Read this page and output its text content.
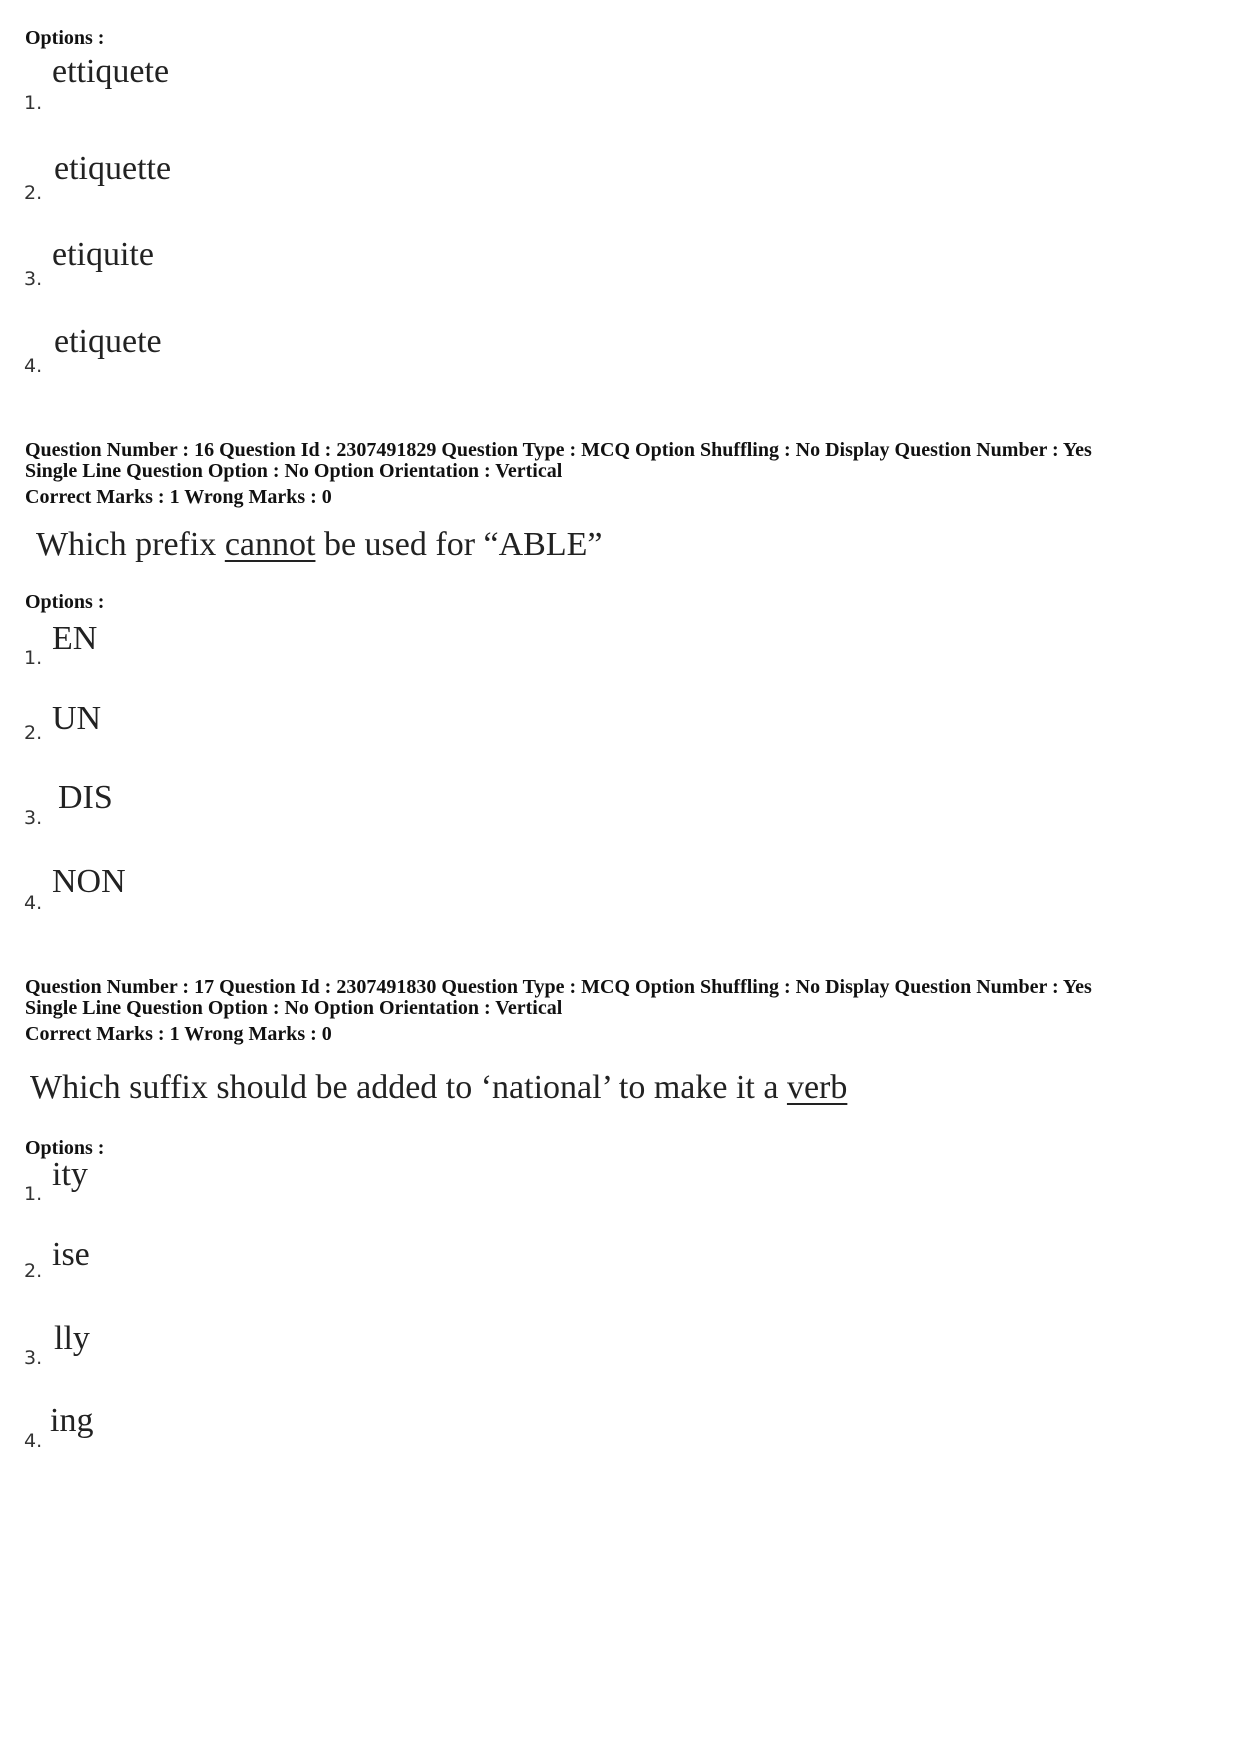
Options :
1.
ettiquete
2.
etiquette
3.
etiquite
4.
etiquete
Question Number : 16 Question Id : 2307491829 Question Type : MCQ Option Shuffling : No Display Question Number : Yes
Single Line Question Option : No Option Orientation : Vertical
Correct Marks : 1 Wrong Marks : 0
Which prefix cannot be used for “ABLE”
Options :
1.
EN
2. UN
3.
DIS
4.
NON
Question Number : 17 Question Id : 2307491830 Question Type : MCQ Option Shuffling : No Display Question Number : Yes
Single Line Question Option : No Option Orientation : Vertical
Correct Marks : 1 Wrong Marks : 0
Which suffix should be added to ‘national’ to make it a verb
Options :
1.
ity
2. ise
3.
lly
4.
ing
